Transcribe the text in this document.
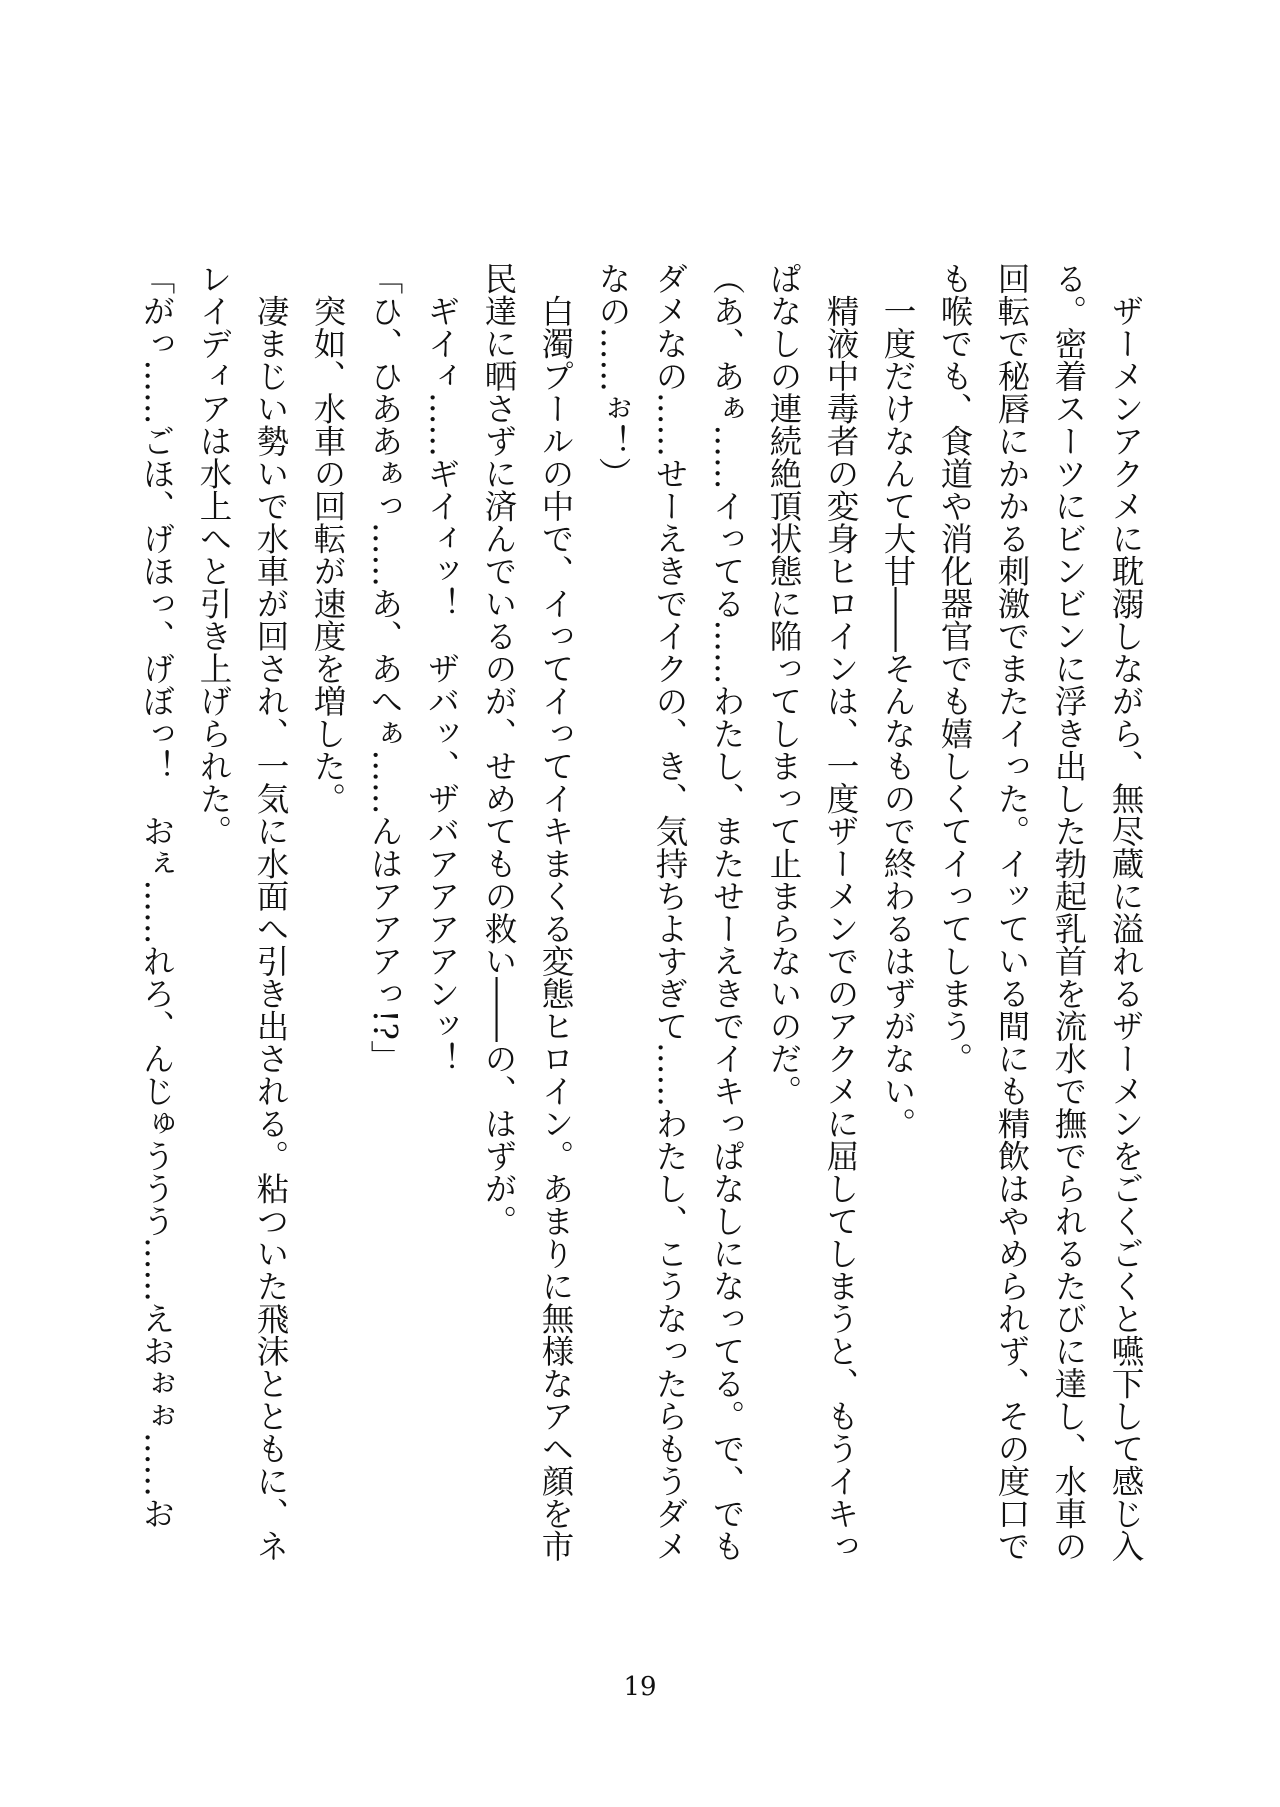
　ザーメンアクメに耽溺しながら、無尽蔵に溢れるザーメンをごくごくと嚥下して感じ入
る。密着スーツにビンビンに浮き出した勃起乳首を流水で撫でられるたびに達し、水車の
回転で秘唇にかかる刺激でまたイった。イッている間にも精飲はやめられず、その度口で
も喉でも、食道や消化器官でも嬉しくてイってしまう。
　一度だけなんて大甘――そんなもので終わるはずがない。
　精液中毒者の変身ヒロインは、一度ザーメンでのアクメに屈してしまうと、もうイキっ
ぱなしの連続絶頂状態に陥ってしまって止まらないのだ。
（あ、あぁ……イってる……わたし、またせーえきでイキっぱなしになってる。で、でも
ダメなの……せーえきでイクの、き、気持ちよすぎて……わたし、こうなったらもうダメ
なの……ぉ！）
　白濁プールの中で、イってイってイキまくる変態ヒロイン。あまりに無様なアヘ顔を市
民達に晒さずに済んでいるのが、せめてもの救い――の、はずが。
　ギイィ……ギイィッ！　ザバッ、ザバアアアアンッ！
「ひ、ひああぁっ……あ、あへぁ……んはアアアっ!?」
　突如、水車の回転が速度を増した。
　凄まじい勢いで水車が回され、一気に水面へ引き出される。粘ついた飛沫とともに、ネ
レイディアは水上へと引き上げられた。
「がっ……ごほ、げほっ、げぼっ！　おぇ……れろ、んじゅううう……えおぉぉ……お
19
